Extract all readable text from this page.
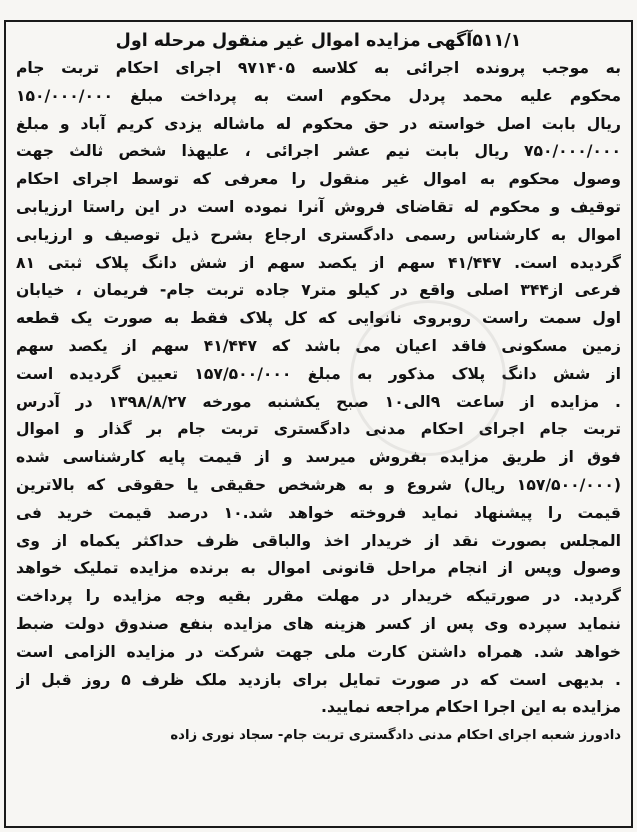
۵۱۱/۱آگهی مزایده اموال غیر منقول مرحله اول
به موجب پرونده اجرائی به کلاسه ۹۷۱۴۰۵ اجرای احکام تربت جام
محکوم علیه محمد پردل محکوم است به پرداخت مبلغ ۱۵۰/۰۰۰/۰۰۰
ریال بابت اصل خواسته در حق محکوم له ماشاله یزدی کریم آباد و مبلغ
۷۵۰/۰۰۰/۰۰۰ ریال بابت نیم عشر اجرائی ، علیهذا شخص ثالث جهت
وصول محکوم به اموال غیر منقول را معرفی که توسط اجرای احکام
توقیف و محکوم له تقاضای فروش آنرا نموده است در این راستا ارزیابی
اموال به کارشناس رسمی دادگستری ارجاع بشرح ذیل توصیف و ارزیابی
گردیده است. ۴۱/۴۴۷ سهم از یکصد سهم از شش دانگ پلاک ثبتی ۸۱
فرعی از۳۴۴ اصلی واقع در کیلو متر۷ جاده تربت جام- فریمان ، خیابان
اول سمت راست روبروی نانوایی که کل پلاک فقط به صورت یک قطعه
زمین مسکونی فاقد اعیان می باشد که ۴۱/۴۴۷ سهم از یکصد سهم
از شش دانگ پلاک مذکور به مبلغ ۱۵۷/۵۰۰/۰۰۰ تعیین گردیده است
. مزایده از ساعت ۹الی۱۰ صبح یکشنبه مورخه ۱۳۹۸/۸/۲۷ در آدرس
تربت جام اجرای احکام مدنی دادگستری تربت جام بر گذار و اموال
فوق از طریق مزایده بفروش میرسد و از قیمت پایه کارشناسی شده
(۱۵۷/۵۰۰/۰۰۰ ریال) شروع و به هرشخص حقیقی یا حقوقی که بالاترین
قیمت را پیشنهاد نماید فروخته خواهد شد.۱۰ درصد قیمت خرید فی
المجلس بصورت نقد از خریدار اخذ والباقی ظرف حداکثر یکماه از وی
وصول وپس از انجام مراحل قانونی اموال به برنده مزایده تملیک خواهد
گردید. در صورتیکه خریدار در مهلت مقرر بقیه وجه مزایده را پرداخت
ننماید سپرده وی پس از کسر هزینه های مزایده بنفع صندوق دولت ضبط
خواهد شد. همراه داشتن کارت ملی جهت شرکت در مزایده الزامی است
. بدیهی است که در صورت تمایل برای بازدید ملک ظرف ۵ روز قبل از
مزایده به این اجرا احکام مراجعه نمایید.
دادورز شعبه اجرای احکام مدنی دادگستری تربت جام- سجاد نوری زاده
